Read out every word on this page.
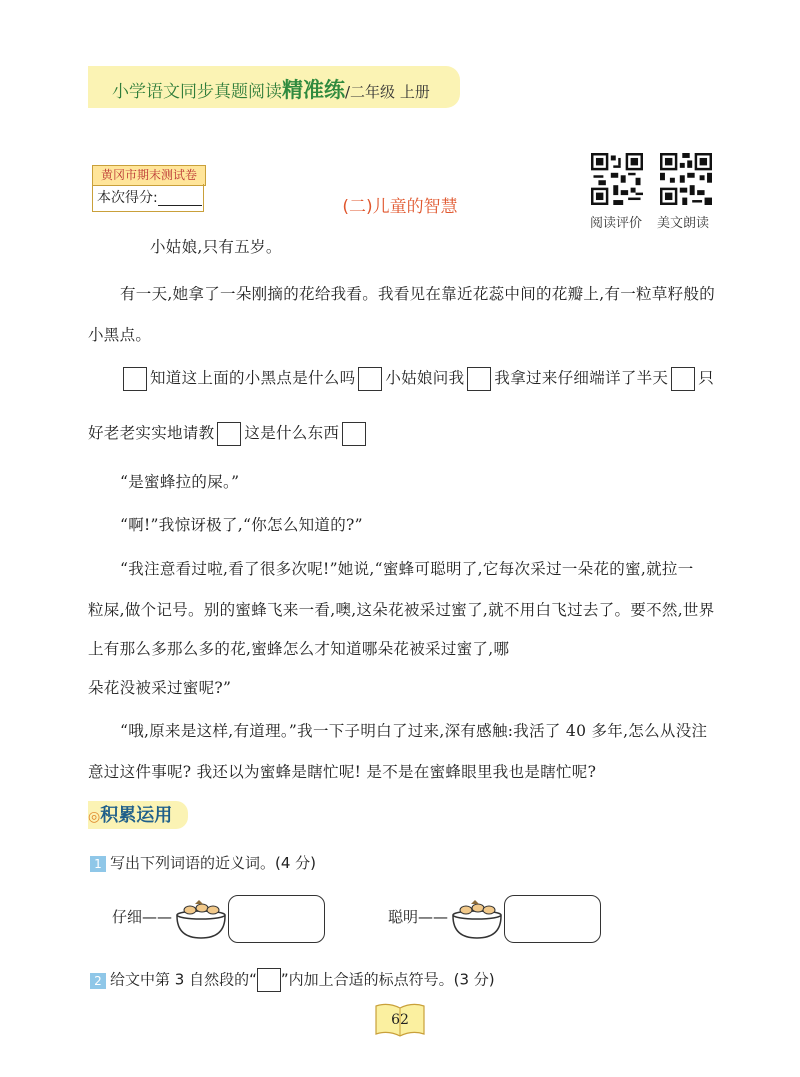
小学语文同步真题阅读精准练/二年级 上册
黄冈市期末测试卷
本次得分:	(二)儿童的智慧
阅读评价 美文朗读
小姑娘,只有五岁。
有一天,她拿了一朵刚摘的花给我看。我看见在靠近花蕊中间的花瓣上,有一粒草籽般的
小黑点。
知道这上面的小黑点是什么吗 小姑娘问我 我拿过来仔细端详了半天 只
好老老实实地请教 这是什么东西
“是蜜蜂拉的屎。”
“啊!”我惊讶极了,“你怎么知道的?”
“我注意看过啦,看了很多次呢!”她说,“蜜蜂可聪明了,它每次采过一朵花的蜜,就拉一
粒屎,做个记号。别的蜜蜂飞来一看,噢,这朵花被采过蜜了,就不用白飞过去了。要不然,世界
上有那么多那么多的花,蜜蜂怎么才知道哪朵花被采过蜜了,哪
朵花没被采过蜜呢?”
“哦,原来是这样,有道理。”我一下子明白了过来,深有感触:我活了 40 多年,怎么从没注
意过这件事呢? 我还以为蜜蜂是瞎忙呢! 是不是在蜜蜂眼里我也是瞎忙呢?
◎积累运用
1 写出下列词语的近义词。(4 分)
仔细——	聪明——
2 给文中第 3 自然段的“ ”内加上合适的标点符号。(3 分)
62
